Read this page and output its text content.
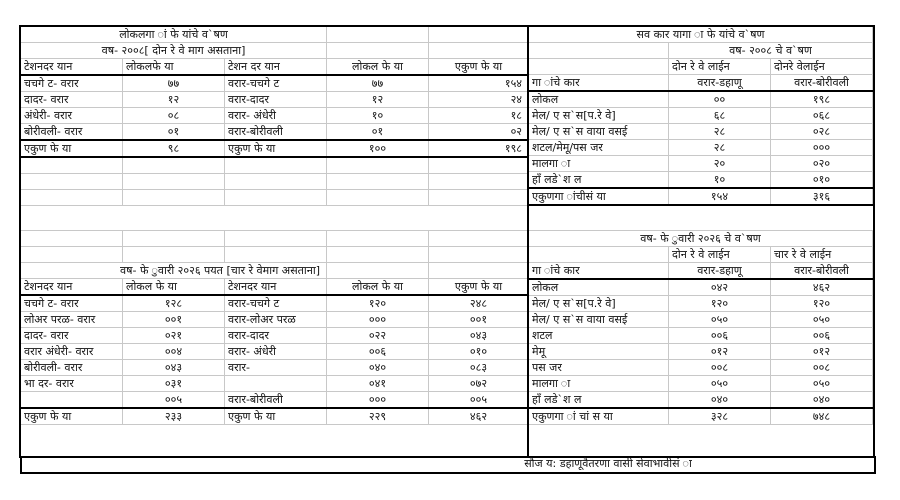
लोकलगा ां फे यांचे व`षण				
वष- २००८[ दोन रे वे माग असताना]				
टेशनदर यान	लोकलफे या	टेशन दर यान	लोकल फे या	एकुण फे या
चचगे ट- वरार	७७	वरार-चचगे ट	७७	१५४
दादर- वरार	१२	वरार-दादर	१२	२४
अंधेरी- वरार	०८	वरार- अंधेरी	१०	१८
बोरीवली- वरार	०१	वरार-बोरीवली	०१	०२
एकुण फे या	९८	एकुण फे या	१००	१९८

सव कार यागा ा फे यांचे व`षण		
	वष- २००८ चे व`षण	
	दोन रे वे लाईन	दोनरे वेलाईन
गा ांचे कार	वरार-डहाणू	वरार-बोरीवली
लोकल	००	१९८
मेल/ ए स`स[प.रे वे]	६८	०६८
मेल/ ए स`स वाया वसई	२८	०२८
शटल/मेमू/पस जर	२८	०००
मालगा ा	२०	०२०
हाँ लडे`श ल	१०	०१०
एकुणगा ांचीसं या	१५४	३१६

वष- फे ुवारी २०२६ पयत [चार रे वेमाग असताना]				
टेशनदर यान	लोकल फे या	टेशनदर यान	लोकल फे या	एकुण फे या
चचगे ट- वरार	१२८	वरार-चचगे ट	१२०	२४८
लोअर परळ- वरार	००१	वरार-लोअर परळ	०००	००१
दादर- वरार	०२१	वरार-दादर	०२२	०४३
वरार अंधेरी- वरार	००४	वरार- अंधेरी	००६	०१०
बोरीवली- वरार	०४३	वरार-	०४०	०८३
भा दर- वरार	०३१		०४१	०७२
	००५	वरार-बोरीवली	०००	००५
एकुण फे या	२३३	एकुण फे या	२२९	४६२
वष- फे ुवारी २०२६ चे व`षण		
	दोन रे वे लाईन	चार रे वे लाईन
गा ांचे कार	वरार-डहाणू	वरार-बोरीवली
लोकल	०४२	४६२
मेल/ ए स`स[प.रे वे]	१२०	१२०
मेल/ ए स`स वाया वसई	०५०	०५०
शटल	००६	००६
मेमू	०१२	०१२
पस जर	००८	००८
मालगा ा	०५०	०५०
हाँ लडे`श ल	०४०	०४०
एकुणगा ां चां स या	३२८	७४८
सौज य: डहाणूवैतरणा वासी सेवाभावीसं ा
